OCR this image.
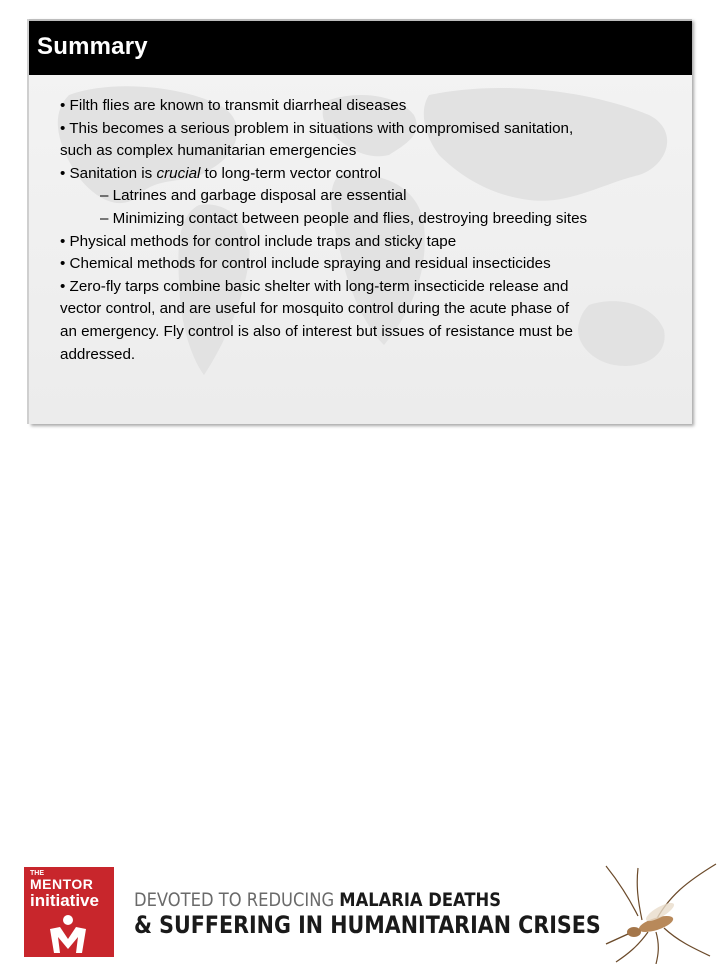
Summary
• Filth flies are known to transmit diarrheal diseases
• This becomes a serious problem in situations with compromised sanitation,
such as complex humanitarian emergencies
• Sanitation is crucial to long-term vector control
– Latrines and garbage disposal are essential
– Minimizing contact between people and flies, destroying breeding sites
• Physical methods for control include traps and sticky tape
• Chemical methods for control include spraying and residual insecticides
• Zero-fly tarps combine basic shelter with long-term insecticide release and
vector control, and are useful for mosquito control during the acute phase of
an emergency. Fly control is also of interest but issues of resistance must be
addressed.
THE
MENTOR
initiative DEVOTED TO REDUCING MALARIA DEATHS
& SUFFERING IN HUMANITARIAN CRISES
